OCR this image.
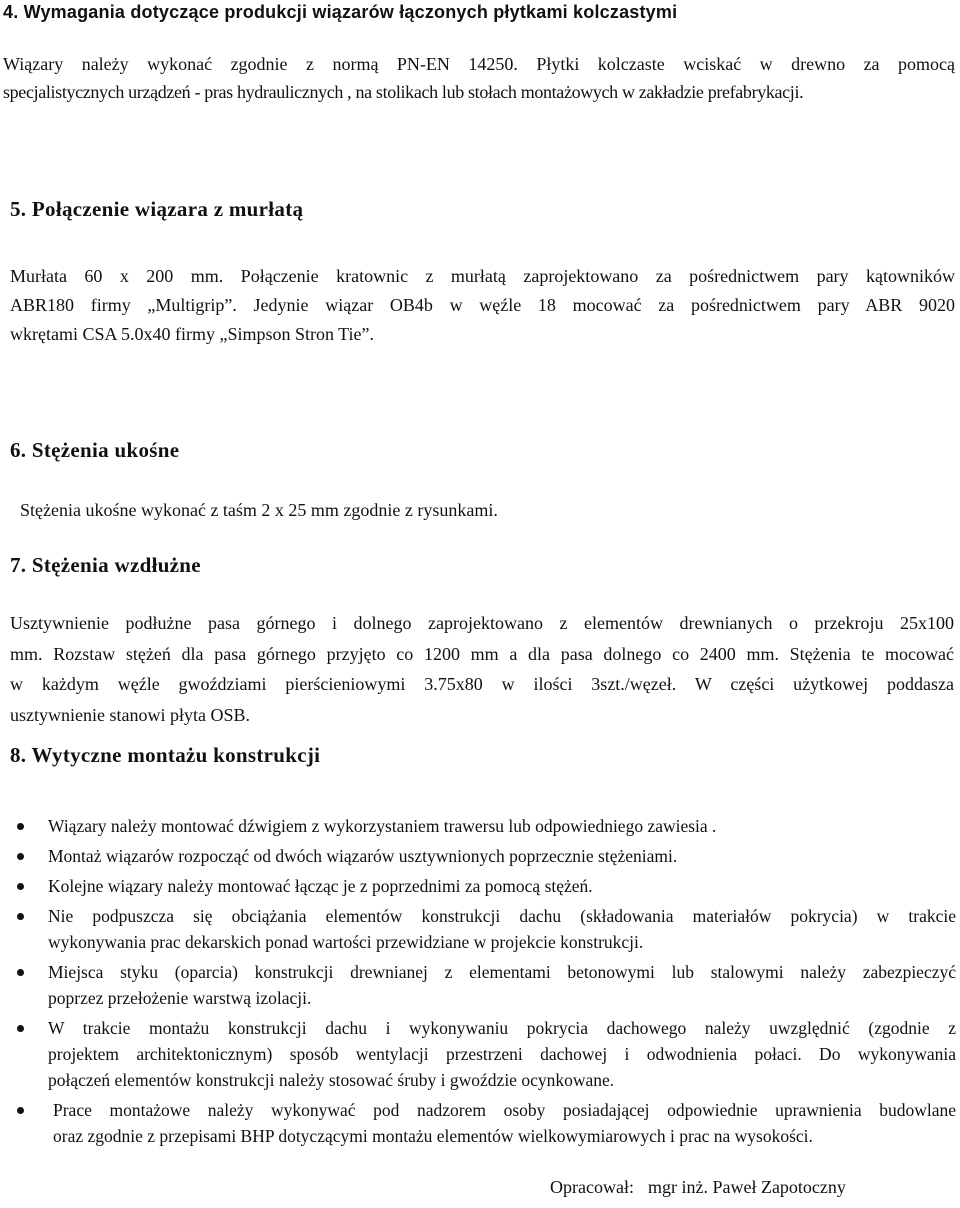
4. Wymagania dotyczące produkcji wiązarów łączonych płytkami kolczastymi
Wiązary należy wykonać zgodnie z normą PN-EN 14250. Płytki kolczaste wciskać w drewno za pomocą
specjalistycznych urządzeń - pras hydraulicznych , na stolikach lub stołach montażowych w zakładzie prefabrykacji.
5. Połączenie wiązara z murłatą
Murłata 60 x 200 mm. Połączenie kratownic z murłatą zaprojektowano za pośrednictwem pary kątowników
ABR180 firmy „Multigrip”. Jedynie wiązar OB4b w węźle 18 mocować za pośrednictwem pary ABR 9020
wkrętami CSA 5.0x40 firmy „Simpson Stron Tie”.
6. Stężenia ukośne
Stężenia ukośne wykonać z taśm 2 x 25 mm zgodnie z rysunkami.
7. Stężenia wzdłużne
Usztywnienie podłużne pasa górnego i dolnego zaprojektowano z elementów drewnianych o przekroju 25x100
mm. Rozstaw stężeń dla pasa górnego przyjęto co 1200 mm a dla pasa dolnego co 2400 mm. Stężenia te mocować
w każdym węźle gwoździami pierścieniowymi 3.75x80 w ilości 3szt./węzeł. W części użytkowej poddasza
usztywnienie stanowi płyta OSB.
8. Wytyczne montażu konstrukcji
Wiązary należy montować dźwigiem z wykorzystaniem trawersu lub odpowiedniego zawiesia .
Montaż wiązarów rozpocząć od dwóch wiązarów usztywnionych poprzecznie stężeniami.
Kolejne wiązary należy montować łącząc je z poprzednimi za pomocą stężeń.
Nie podpuszcza się obciążania elementów konstrukcji dachu (składowania materiałów pokrycia) w trakcie
wykonywania prac dekarskich ponad wartości przewidziane w projekcie konstrukcji.
Miejsca styku (oparcia) konstrukcji drewnianej z elementami betonowymi lub stalowymi należy zabezpieczyć
poprzez przełożenie warstwą izolacji.
W trakcie montażu konstrukcji dachu i wykonywaniu pokrycia dachowego należy uwzględnić (zgodnie z
projektem architektonicznym) sposób wentylacji przestrzeni dachowej i odwodnienia połaci. Do wykonywania
połączeń elementów konstrukcji należy stosować śruby i gwoździe ocynkowane.
Prace montażowe należy wykonywać pod nadzorem osoby posiadającej odpowiednie uprawnienia budowlane
oraz zgodnie z przepisami BHP dotyczącymi montażu elementów wielkowymiarowych i prac na wysokości.
Opracował: mgr inż. Paweł Zapotoczny
